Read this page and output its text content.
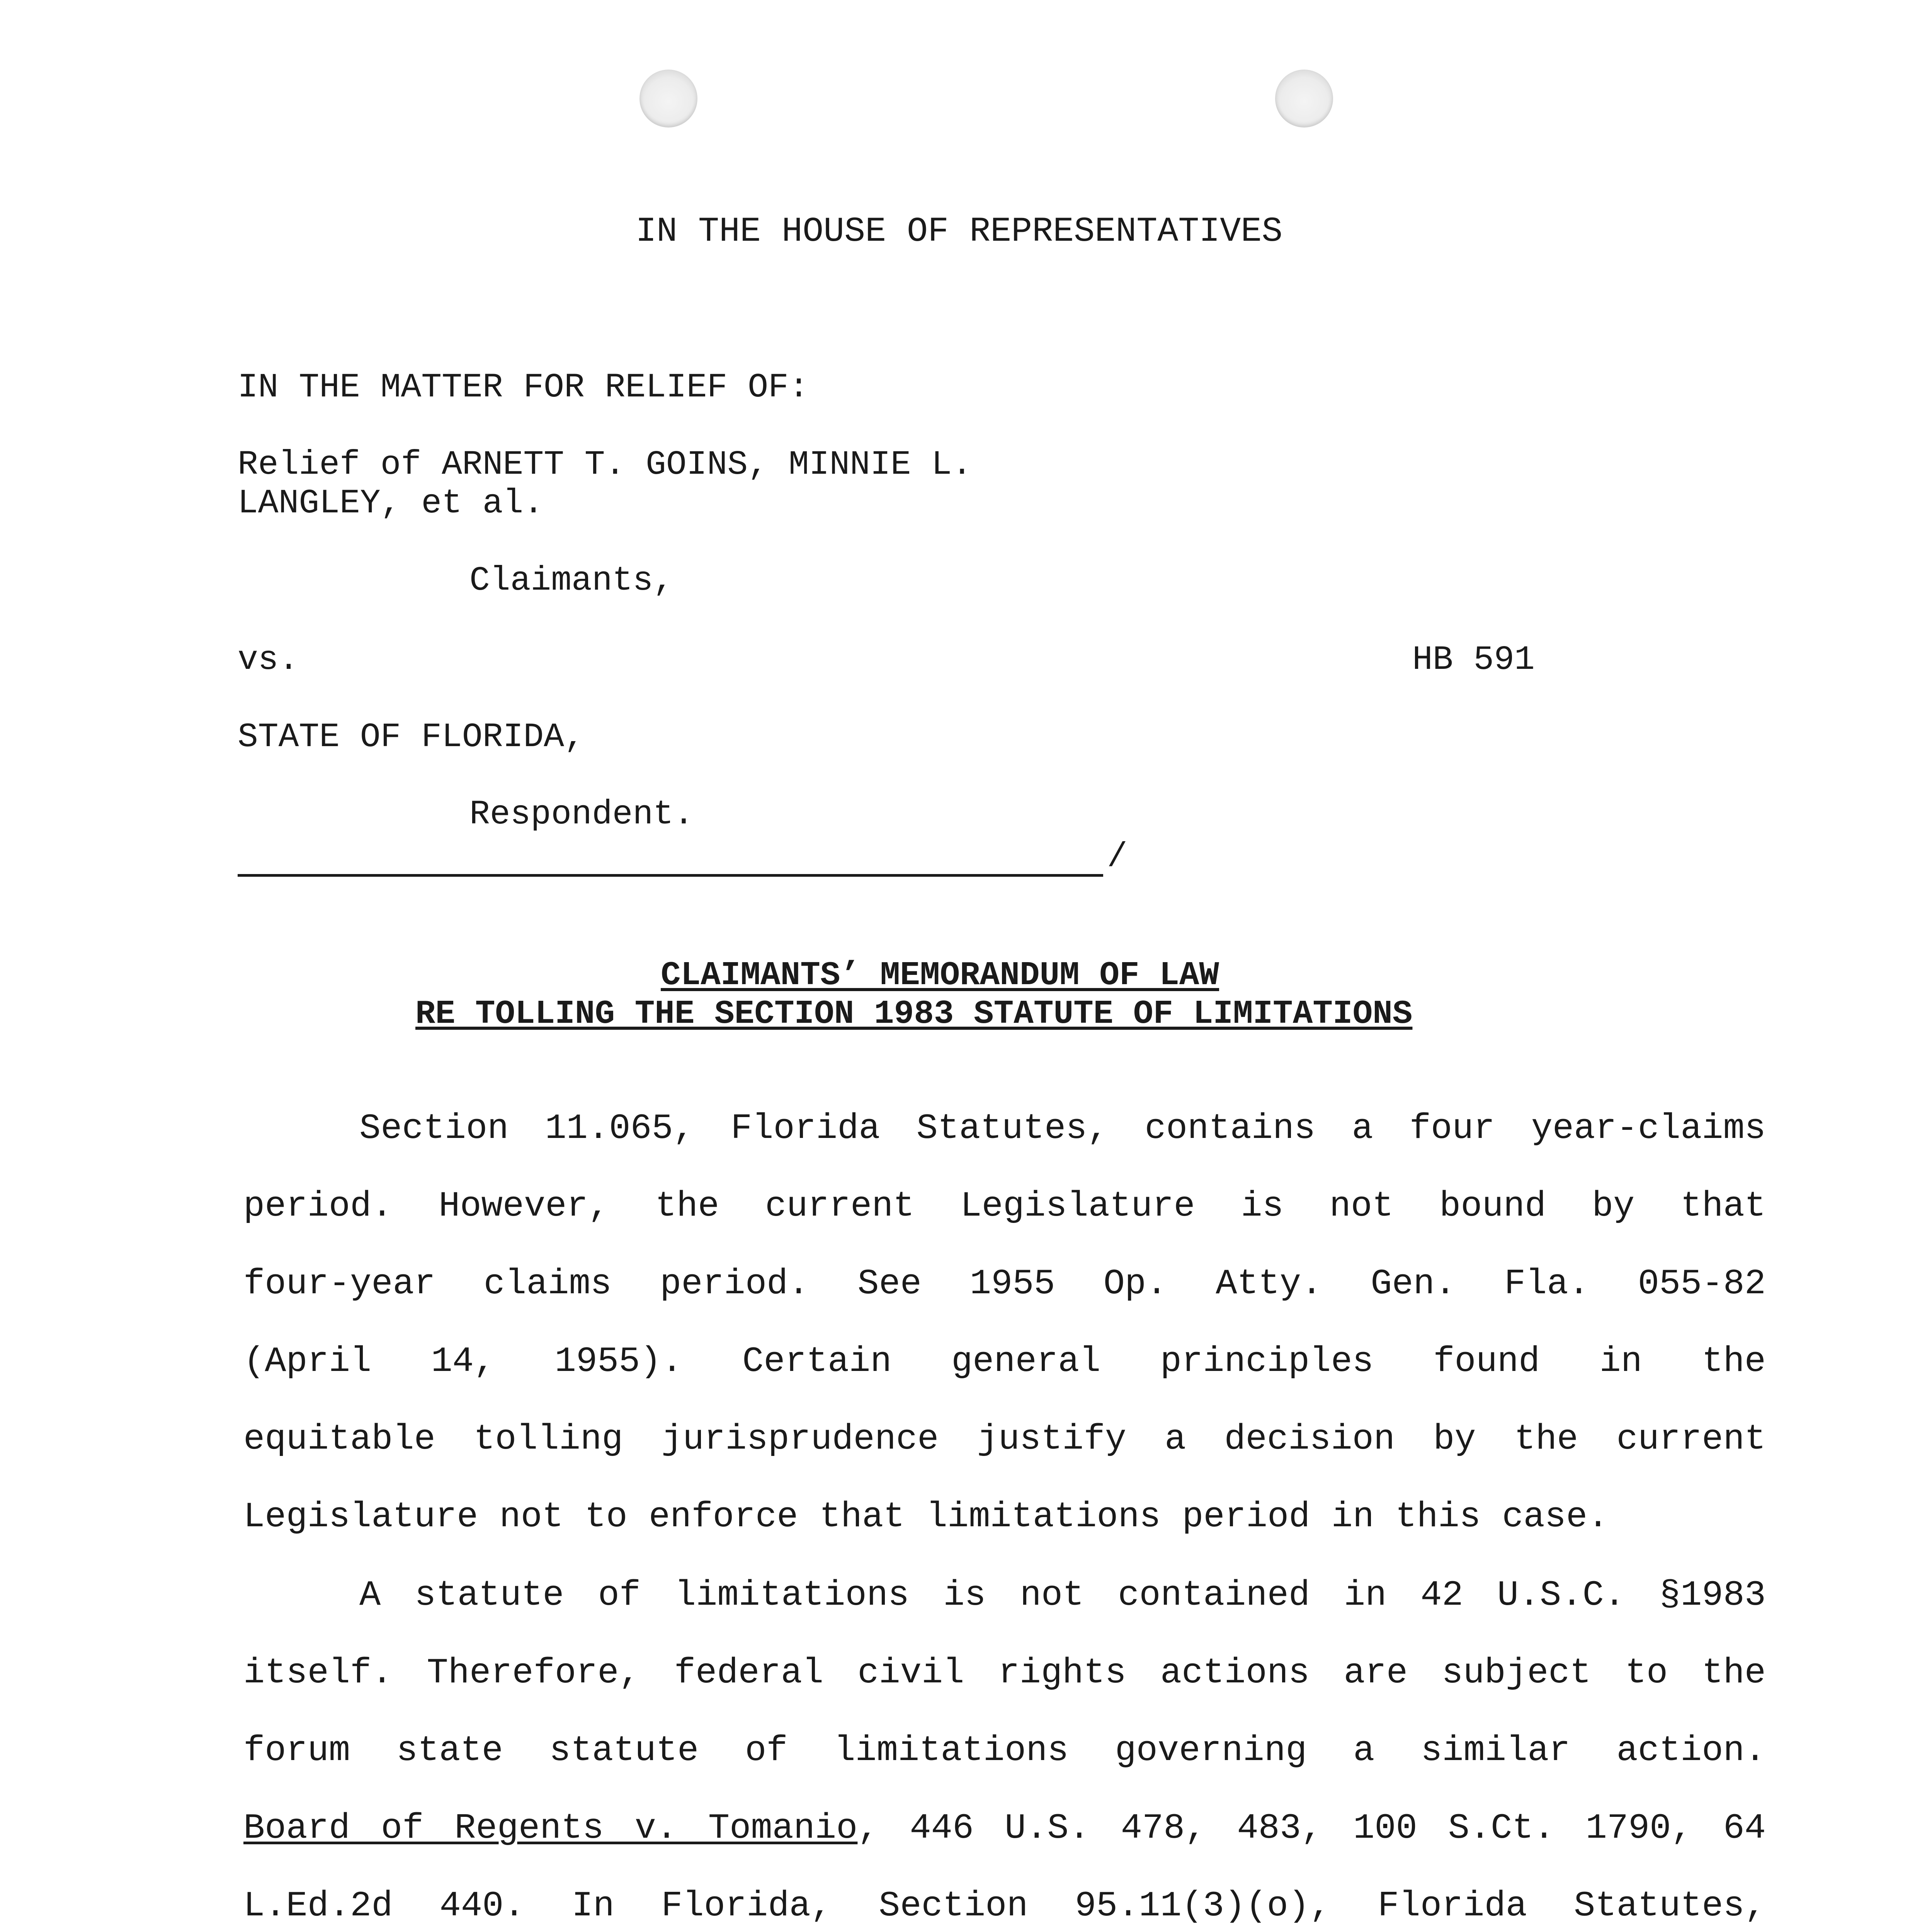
IN THE HOUSE OF REPRESENTATIVES

IN THE MATTER FOR RELIEF OF:

Relief of ARNETT T. GOINS, MINNIE L.

LANGLEY, et al.

Claimants,

vs.	HB 591

STATE OF FLORIDA,

Respondent.

/

CLAIMANTS’ MEMORANDUM OF LAW

RE TOLLING THE SECTION 1983 STATUTE OF LIMITATIONS

Section 11.065, Florida Statutes, contains a four year-claims
period. However, the current Legislature is not bound by that
four-year claims period. See 1955 Op. Atty. Gen. Fla. 055-82
(April 14, 1955). Certain general principles found in the
equitable tolling jurisprudence justify a decision by the current
Legislature not to enforce that limitations period in this case.
A statute of limitations is not contained in 42 U.S.C. §1983
itself. Therefore, federal civil rights actions are subject to the
forum state statute of limitations governing a similar action.
Board of Regents v. Tomanio, 446 U.S. 478, 483, 100 S.Ct. 1790, 64
L.Ed.2d 440. In Florida, Section 95.11(3)(o), Florida Statutes,
